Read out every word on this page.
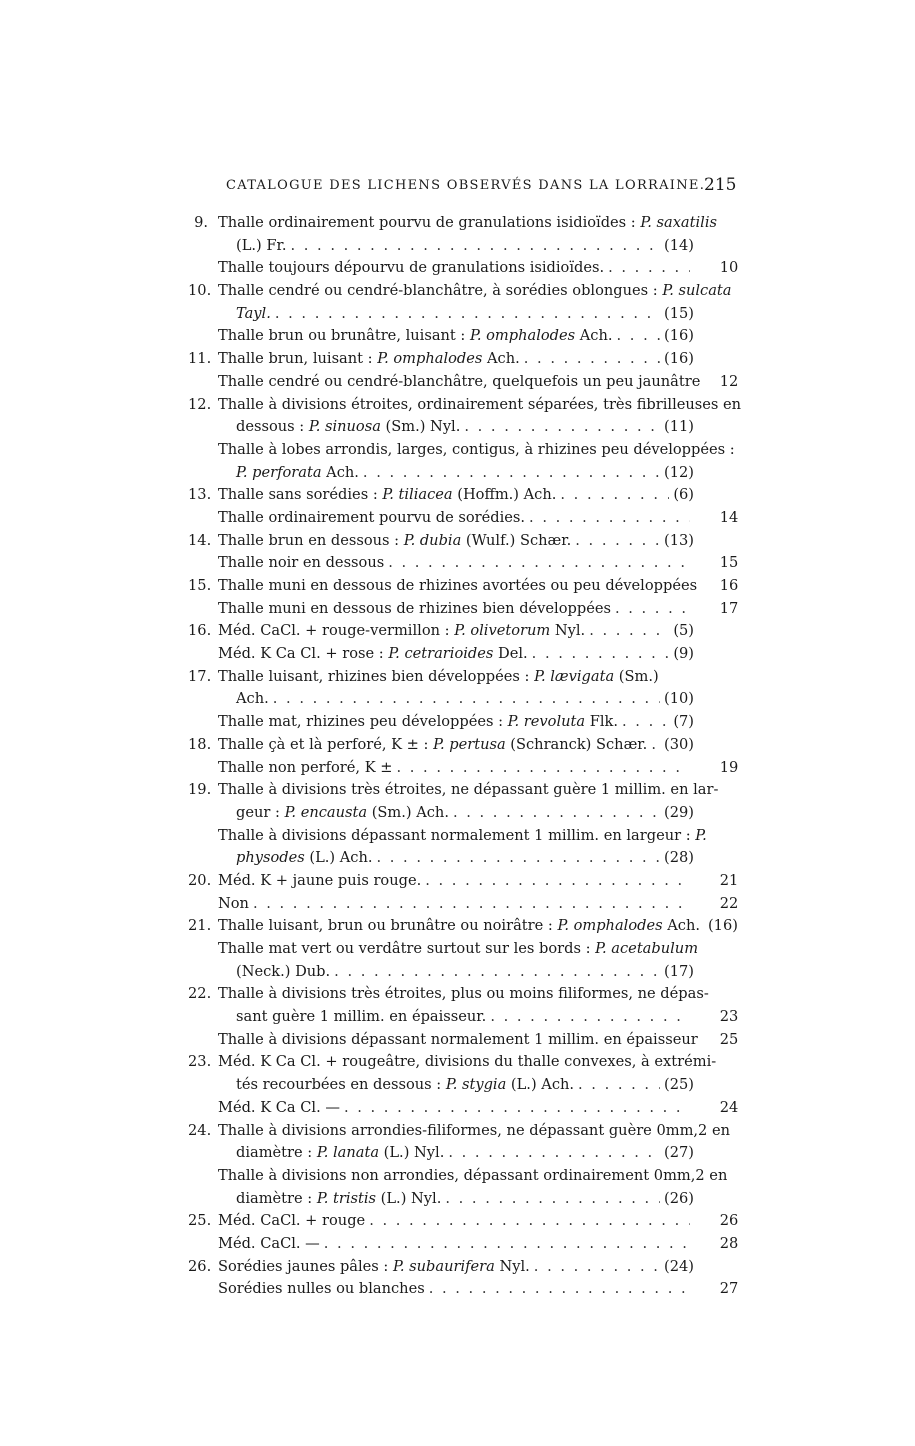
CATALOGUE DES LICHENS OBSERVÉS DANS LA LORRAINE.
215
9. Thalle ordinairement pourvu de granulations isidioïdes : P. saxatilis
(L.) Fr. . . .	(14)
Thalle toujours dépourvu de granulations isidioïdes. . . .	10
10. Thalle cendré ou cendré-blanchâtre, à sorédies oblongues : P. sulcata
Tayl. . . .	(15)
Thalle brun ou brunâtre, luisant : P. omphalodes Ach. . . .	(16)
11. Thalle brun, luisant : P. omphalodes Ach. . . .	(16)
Thalle cendré ou cendré-blanchâtre, quelquefois un peu jaunâtre 12
12. Thalle à divisions étroites, ordinairement séparées, très fibrilleuses en
dessous : P. sinuosa (Sm.) Nyl. . . .	(11)
Thalle à lobes arrondis, larges, contigus, à rhizines peu développées :
P. perforata Ach. . . .	(12)
13. Thalle sans sorédies : P. tiliacea (Hoffm.) Ach. . . .	(6)
Thalle ordinairement pourvu de sorédies. . . .	14
14. Thalle brun en dessous : P. dubia (Wulf.) Schær. . . .	(13)
Thalle noir en dessous . . .	15
15. Thalle muni en dessous de rhizines avortées ou peu développées 16
Thalle muni en dessous de rhizines bien développées . . .	17
16. Méd. CaCl. + rouge-vermillon : P. olivetorum Nyl. . . .	(5)
Méd. K Ca Cl. + rose : P. cetrarioides Del. . . .	(9)
17. Thalle luisant, rhizines bien développées : P. lævigata (Sm.)
Ach. . . .	(10)
Thalle mat, rhizines peu développées : P. revoluta Flk. . . .	(7)
18. Thalle çà et là perforé, K ± : P. pertusa (Schranck) Schær. . . . (30)
Thalle non perforé, K ± . . .	19
19. Thalle à divisions très étroites, ne dépassant guère 1 millim. en lar-
geur : P. encausta (Sm.) Ach. . . .	(29)
Thalle à divisions dépassant normalement 1 millim. en largeur : P.
physodes (L.) Ach. . . .	(28)
20. Méd. K + jaune puis rouge. . . .	21
Non . . .	22
21. Thalle luisant, brun ou brunâtre ou noirâtre : P. omphalodes Ach. (16)
Thalle mat vert ou verdâtre surtout sur les bords : P. acetabulum
(Neck.) Dub. . . .	(17)
22. Thalle à divisions très étroites, plus ou moins filiformes, ne dépas-
sant guère 1 millim. en épaisseur. . . .	23
Thalle à divisions dépassant normalement 1 millim. en épaisseur 25
23. Méd. K Ca Cl. + rougeâtre, divisions du thalle convexes, à extrémi-
tés recourbées en dessous : P. stygia (L.) Ach. . . .	(25)
Méd. K Ca Cl. — . . .	24
24. Thalle à divisions arrondies-filiformes, ne dépassant guère 0mm,2 en
diamètre : P. lanata (L.) Nyl. . . .	(27)
Thalle à divisions non arrondies, dépassant ordinairement 0mm,2 en
diamètre : P. tristis (L.) Nyl. . . .	(26)
25. Méd. CaCl. + rouge . . .	26
Méd. CaCl. — . . .	28
26. Sorédies jaunes pâles : P. subaurifera Nyl. . . .	(24)
Sorédies nulles ou blanches . . .	27
